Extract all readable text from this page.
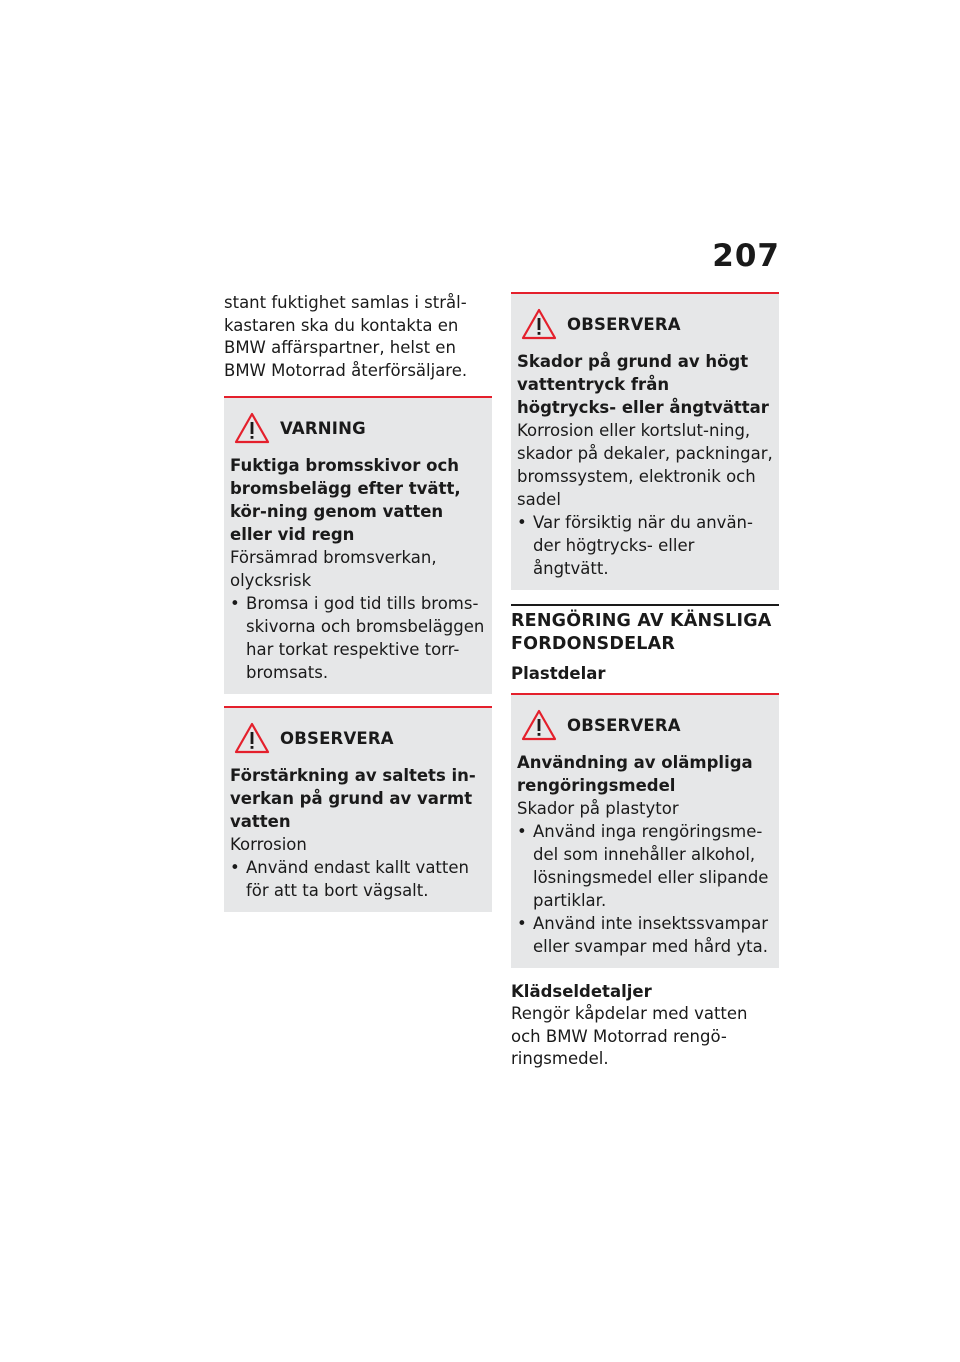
207

stant fuktighet samlas i strål-kastaren ska du kontakta en BMW affärspartner, helst en BMW Motorrad återförsäljare.

VARNING

Fuktiga bromsskivor och bromsbelägg efter tvätt, kör-ning genom vatten eller vid regn

Försämrad bromsverkan, olycksrisk

• Bromsa i god tid tills broms-skivorna och bromsbeläggen har torkat respektive torr-bromsats.
OBSERVERA

Förstärkning av saltets in-verkan på grund av varmt vatten

Korrosion

• Använd endast kallt vatten för att ta bort vägsalt.
OBSERVERA

Skador på grund av högt vattentryck från högtrycks- eller ångtvättar

Korrosion eller kortslut-ning, skador på dekaler, packningar, bromssystem, elektronik och sadel

• Var försiktig när du använ-der högtrycks- eller ångtvätt.
RENGÖRING AV KÄNSLIGA FORDONSDELAR
Plastdelar
OBSERVERA

Användning av olämpliga rengöringsmedel

Skador på plastytor

• Använd inga rengöringsme-del som innehåller alkohol, lösningsmedel eller slipande partiklar.
• Använd inte insektssvampar eller svampar med hård yta.
Klädseldetaljer

Rengör kåpdelar med vatten och BMW Motorrad rengö-ringsmedel.
